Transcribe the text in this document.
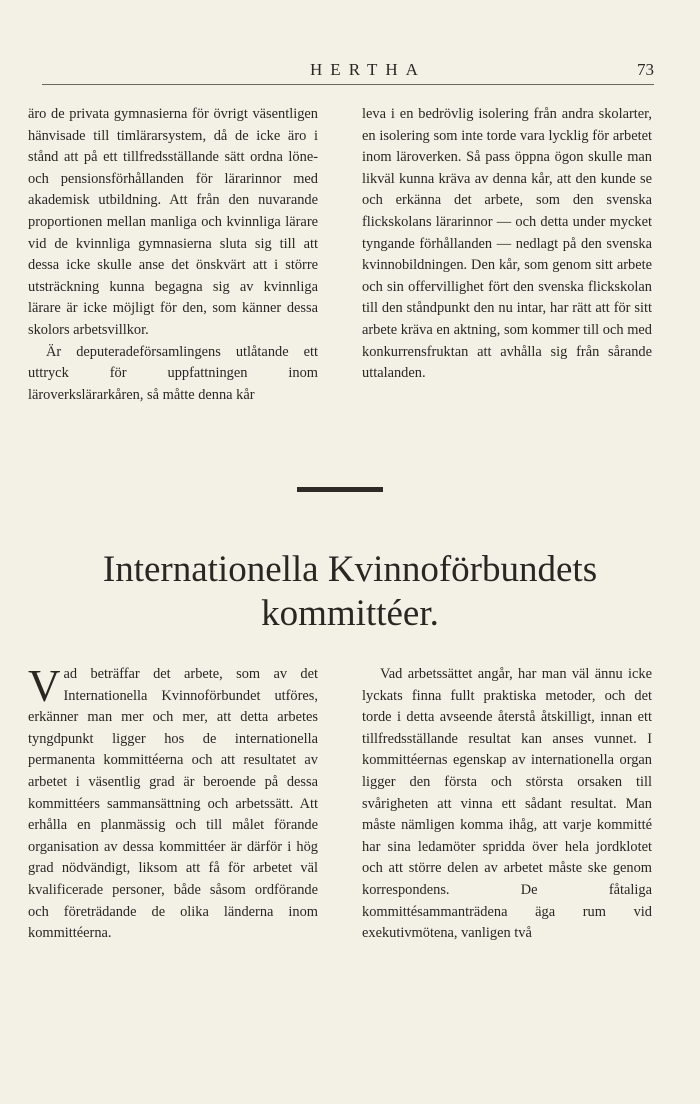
HERTHA	73

äro de privata gymnasierna för övrigt väsentligen hänvisade till timlärarsystem, då de icke äro i stånd att på ett tillfredsställande sätt ordna löne- och pensionsförhållanden för lärarinnor med akademisk utbildning. Att från den nuvarande proportionen mellan manliga och kvinnliga lärare vid de kvinnliga gymnasierna sluta sig till att dessa icke skulle anse det önskvärt att i större utsträckning kunna begagna sig av kvinnliga lärare är icke möjligt för den, som känner dessa skolors arbetsvillkor.

Är deputeradeförsamlingens utlåtande ett uttryck för uppfattningen inom läroverkslärarkåren, så måtte denna kår

leva i en bedrövlig isolering från andra skolarter, en isolering som inte torde vara lycklig för arbetet inom läroverken. Så pass öppna ögon skulle man likväl kunna kräva av denna kår, att den kunde se och erkänna det arbete, som den svenska flickskolans lärarinnor — och detta under mycket tyngande förhållanden — nedlagt på den svenska kvinnobildningen. Den kår, som genom sitt arbete och sin offervillighet fört den svenska flickskolan till den ståndpunkt den nu intar, har rätt att för sitt arbete kräva en aktning, som kommer till och med konkurrensfruktan att avhålla sig från sårande uttalanden.

Internationella Kvinnoförbundets
kommittéer.

Vad beträffar det arbete, som av det Internationella Kvinnoförbundet utföres, erkänner man mer och mer, att detta arbetes tyngdpunkt ligger hos de internationella permanenta kommittéerna och att resultatet av arbetet i väsentlig grad är beroende på dessa kommittéers sammansättning och arbetssätt. Att erhålla en planmässig och till målet förande organisation av dessa kommittéer är därför i hög grad nödvändigt, liksom att få för arbetet väl kvalificerade personer, både såsom ordförande och företrädande de olika länderna inom kommittéerna.

Vad arbetssättet angår, har man väl ännu icke lyckats finna fullt praktiska metoder, och det torde i detta avseende återstå åtskilligt, innan ett tillfredsställande resultat kan anses vunnet. I kommittéernas egenskap av internationella organ ligger den första och största orsaken till svårigheten att vinna ett sådant resultat. Man måste nämligen komma ihåg, att varje kommitté har sina ledamöter spridda över hela jordklotet och att större delen av arbetet måste ske genom korrespondens. De fåtaliga kommittésammanträdena äga rum vid exekutivmötena, vanligen två
